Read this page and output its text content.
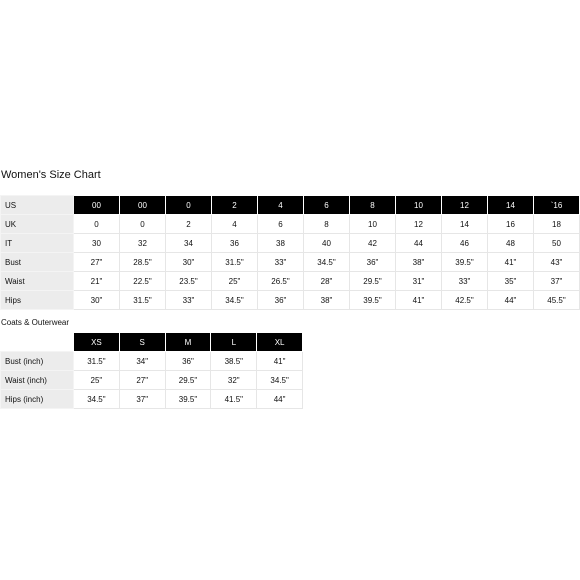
Women's Size Chart
US	00	00	0	2	4	6	8	10	12	14	`16
UK	0	0	2	4	6	8	10	12	14	16	18
IT	30	32	34	36	38	40	42	44	46	48	50
Bust	27"	28.5"	30"	31.5"	33"	34.5"	36"	38"	39.5"	41"	43"
Waist	21"	22.5"	23.5"	25"	26.5"	28"	29.5"	31"	33"	35"	37"
Hips	30"	31.5"	33"	34.5"	36"	38"	39.5"	41"	42.5"	44"	45.5"
Coats & Outerwear
	XS	S	M	L	XL
Bust (inch)	31.5"	34"	36"	38.5"	41"
Waist (inch)	25"	27"	29.5"	32"	34.5"
Hips (inch)	34.5"	37"	39.5"	41.5"	44"
